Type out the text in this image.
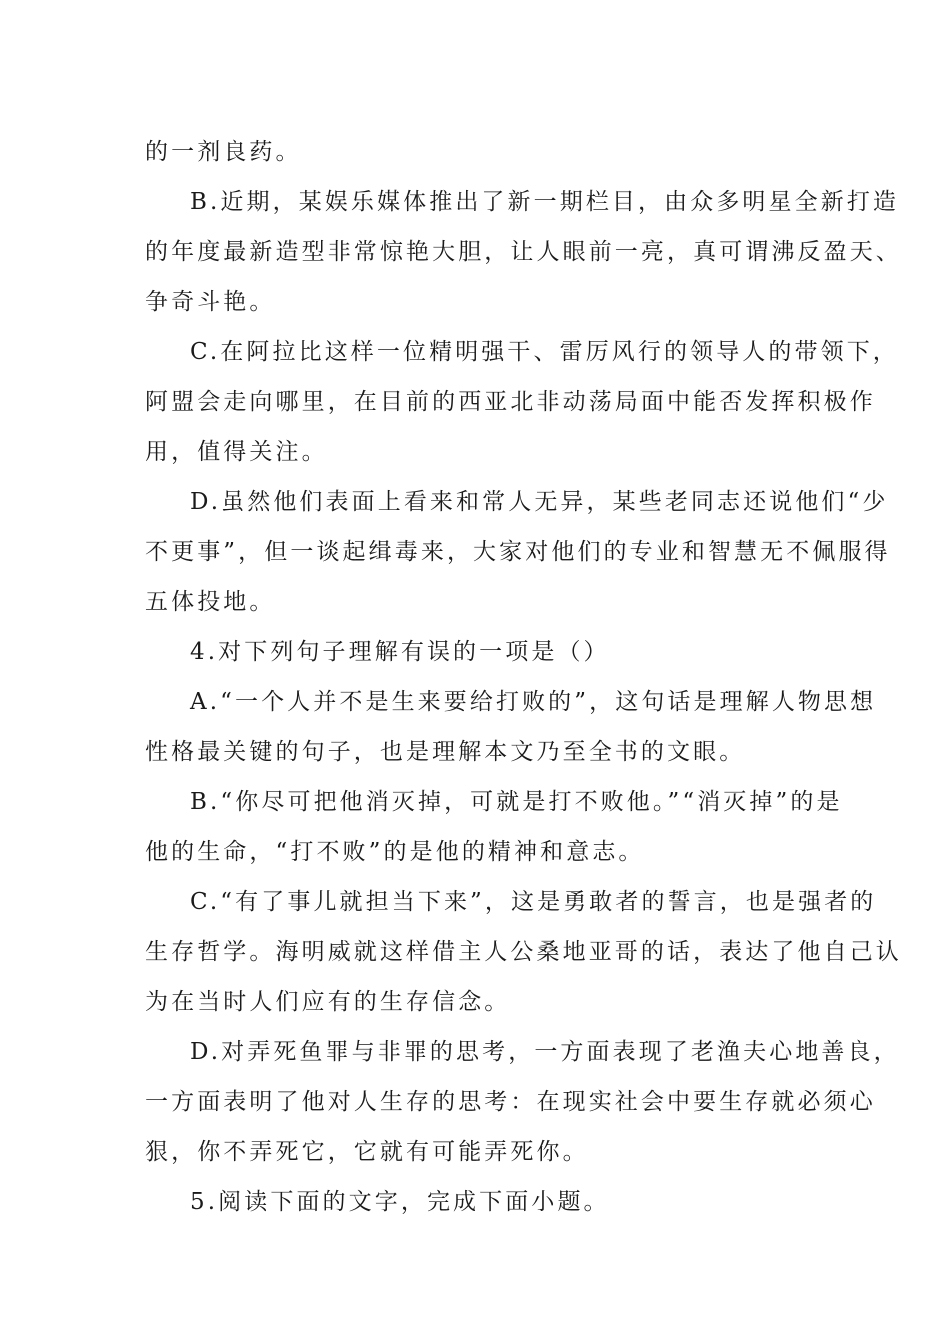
的一剂良药。
B.近期，某娱乐媒体推出了新一期栏目，由众多明星全新打造
的年度最新造型非常惊艳大胆，让人眼前一亮，真可谓沸反盈天、
争奇斗艳。
C.在阿拉比这样一位精明强干、雷厉风行的领导人的带领下，
阿盟会走向哪里，在目前的西亚北非动荡局面中能否发挥积极作
用，值得关注。
D.虽然他们表面上看来和常人无异，某些老同志还说他们“少
不更事”，但一谈起缉毒来，大家对他们的专业和智慧无不佩服得
五体投地。
4.对下列句子理解有误的一项是（）
A.“一个人并不是生来要给打败的”，这句话是理解人物思想
性格最关键的句子，也是理解本文乃至全书的文眼。
B.“你尽可把他消灭掉，可就是打不败他。”“消灭掉”的是
他的生命，“打不败”的是他的精神和意志。
C.“有了事儿就担当下来”，这是勇敢者的誓言，也是强者的
生存哲学。海明威就这样借主人公桑地亚哥的话，表达了他自己认
为在当时人们应有的生存信念。
D.对弄死鱼罪与非罪的思考，一方面表现了老渔夫心地善良，
一方面表明了他对人生存的思考：在现实社会中要生存就必须心
狠，你不弄死它，它就有可能弄死你。
5.阅读下面的文字，完成下面小题。
